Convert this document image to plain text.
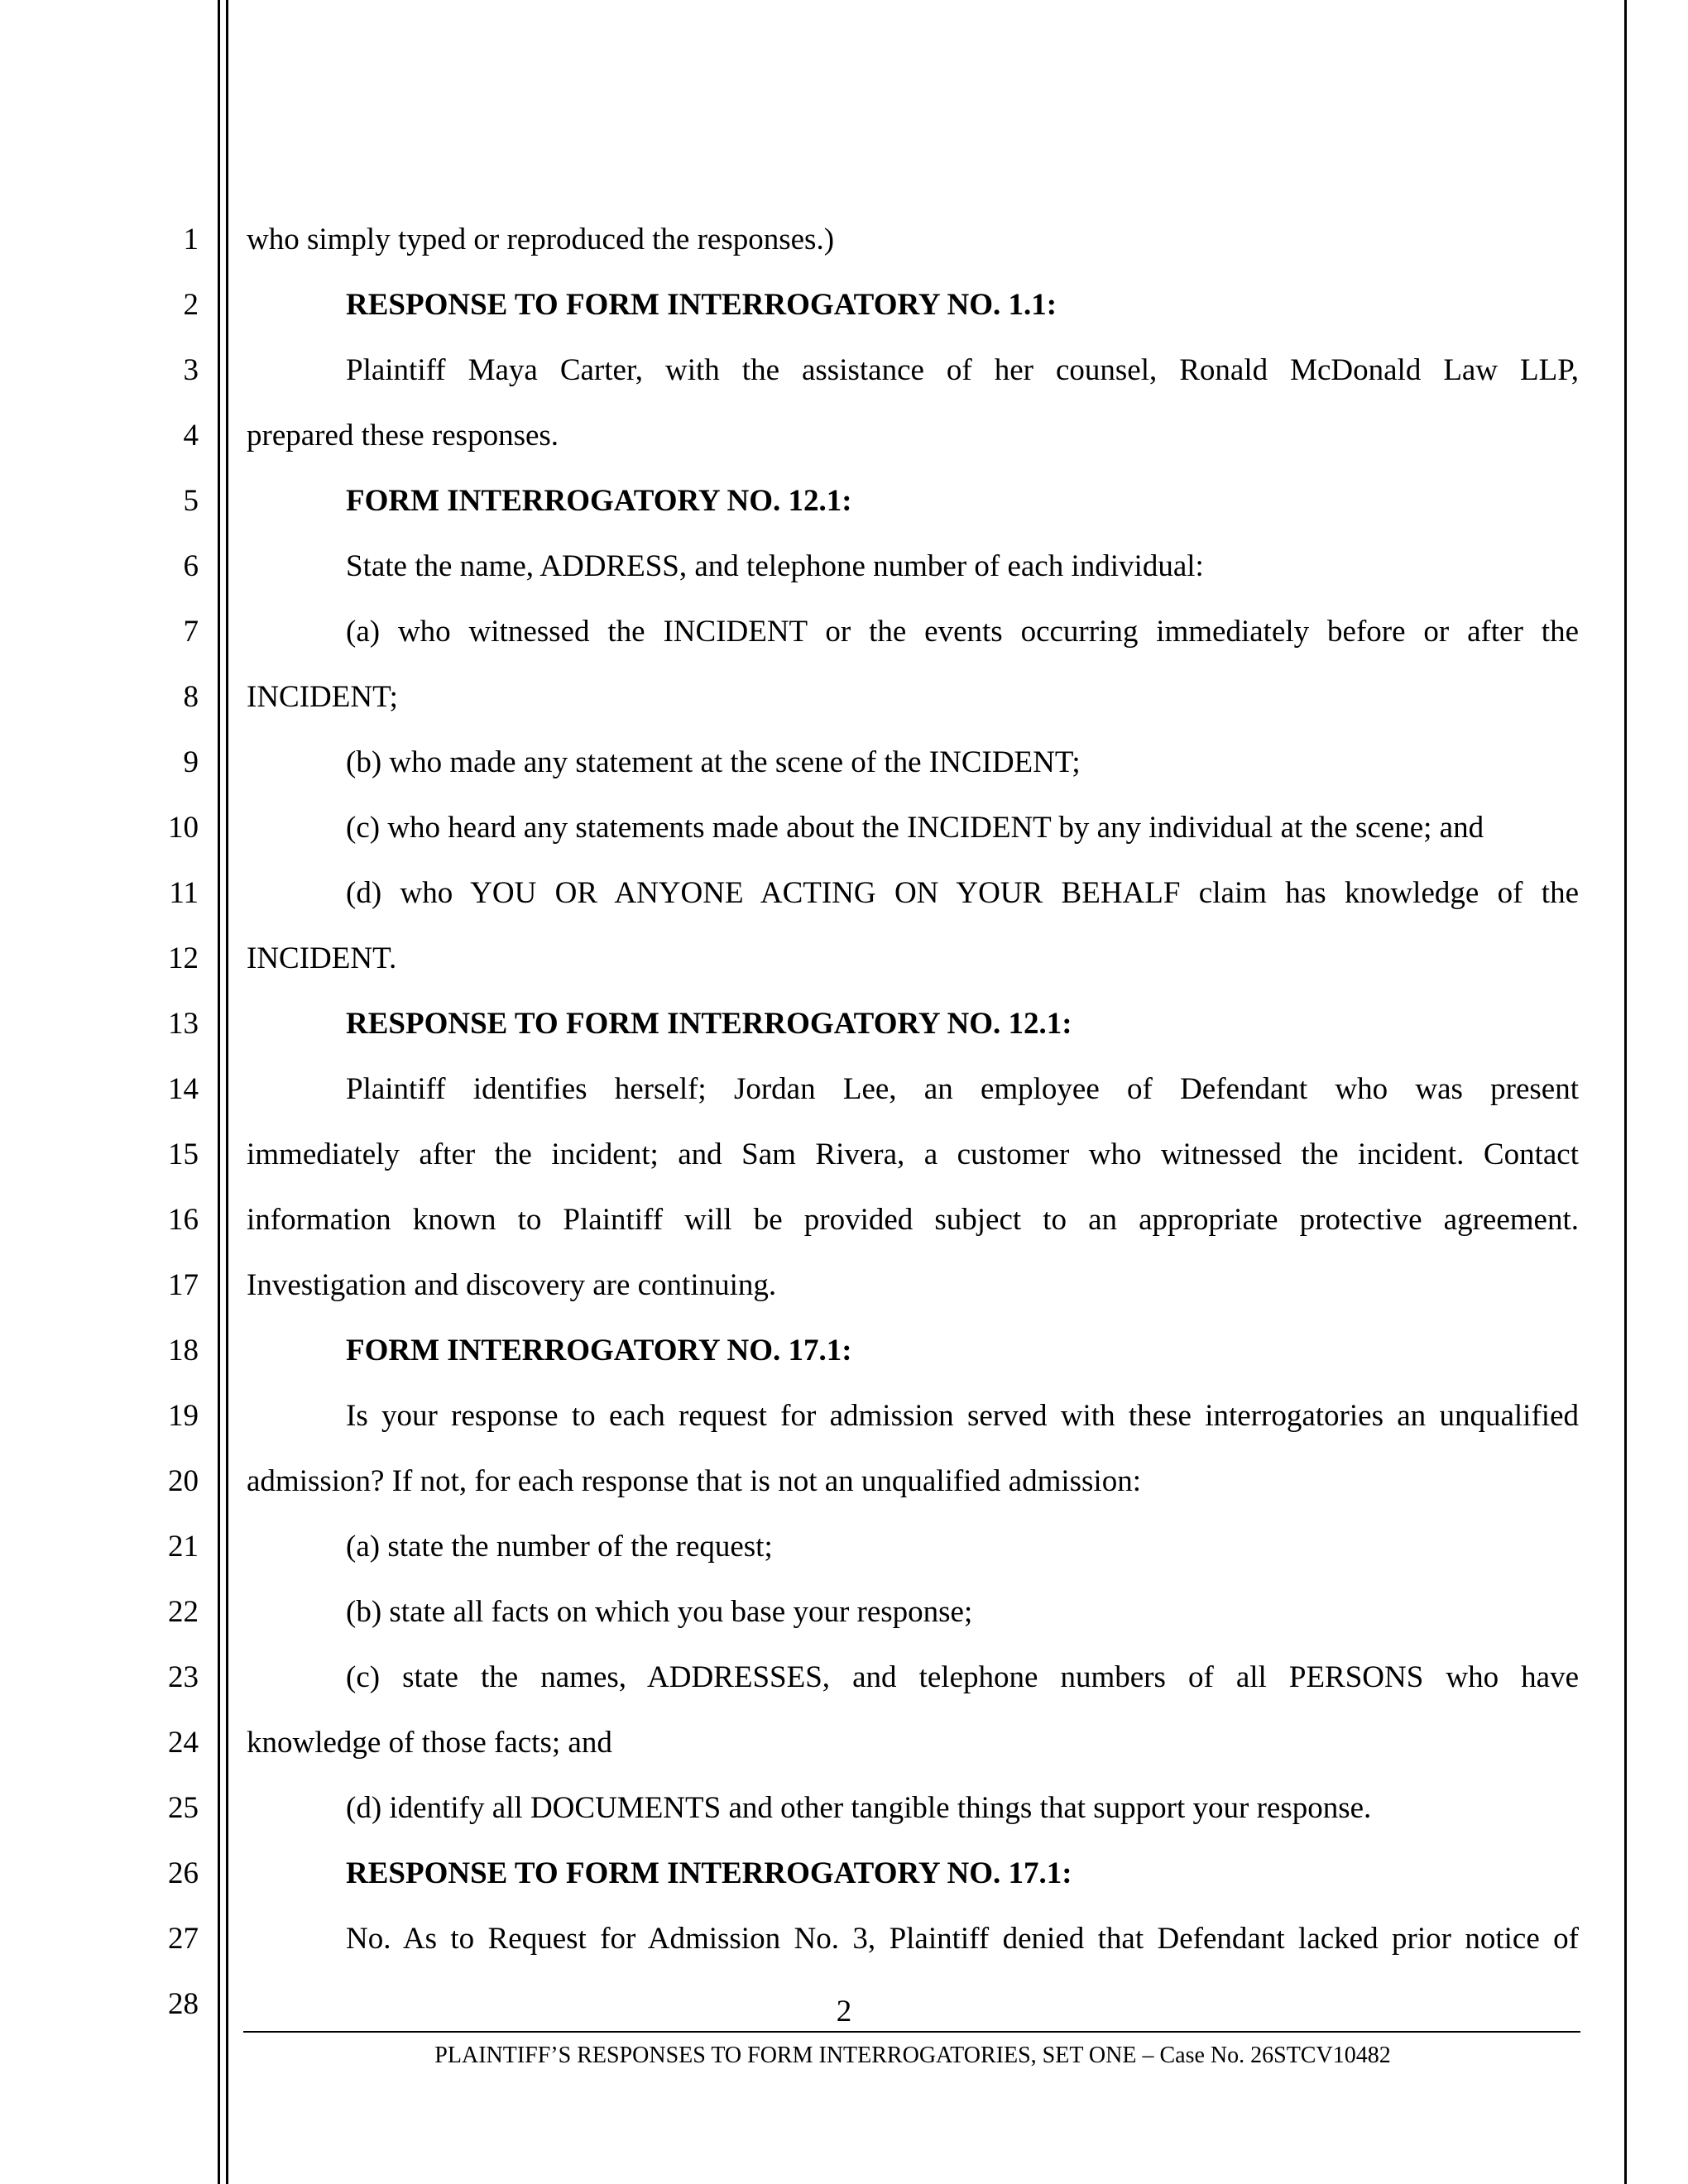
1
2
3
4
5
6
7
8
9
10
11
12
13
14
15
16
17
18
19
20
21
22
23
24
25
26
27
28
who simply typed or reproduced the responses.)
RESPONSE TO FORM INTERROGATORY NO. 1.1:
Plaintiff Maya Carter, with the assistance of her counsel, Ronald McDonald Law LLP,
prepared these responses.
FORM INTERROGATORY NO. 12.1:
State the name, ADDRESS, and telephone number of each individual:
(a) who witnessed the INCIDENT or the events occurring immediately before or after the
INCIDENT;
(b) who made any statement at the scene of the INCIDENT;
(c) who heard any statements made about the INCIDENT by any individual at the scene; and
(d) who YOU OR ANYONE ACTING ON YOUR BEHALF claim has knowledge of the
INCIDENT.
RESPONSE TO FORM INTERROGATORY NO. 12.1:
Plaintiff identifies herself; Jordan Lee, an employee of Defendant who was present
immediately after the incident; and Sam Rivera, a customer who witnessed the incident. Contact
information known to Plaintiff will be provided subject to an appropriate protective agreement.
Investigation and discovery are continuing.
FORM INTERROGATORY NO. 17.1:
Is your response to each request for admission served with these interrogatories an unqualified
admission? If not, for each response that is not an unqualified admission:
(a) state the number of the request;
(b) state all facts on which you base your response;
(c) state the names, ADDRESSES, and telephone numbers of all PERSONS who have
knowledge of those facts; and
(d) identify all DOCUMENTS and other tangible things that support your response.
RESPONSE TO FORM INTERROGATORY NO. 17.1:
No. As to Request for Admission No. 3, Plaintiff denied that Defendant lacked prior notice of
2
PLAINTIFF’S RESPONSES TO FORM INTERROGATORIES, SET ONE – Case No. 26STCV10482
